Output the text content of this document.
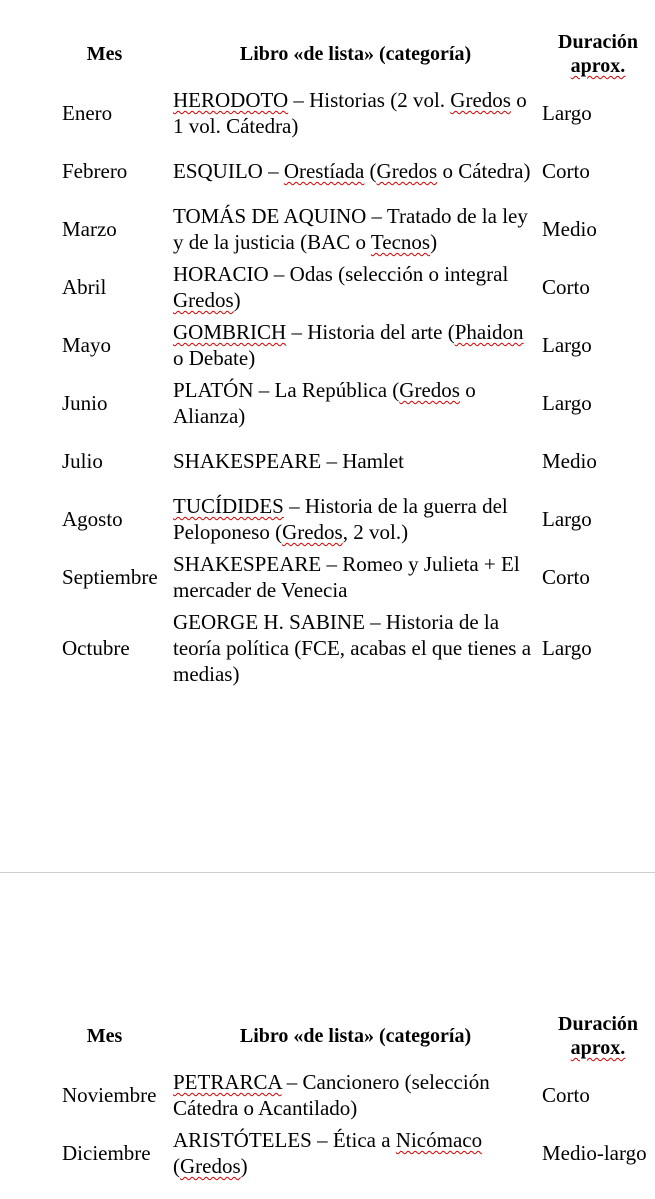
Mes	Libro «de lista» (categoría)	Duración
aprox.
Enero	HERODOTO – Historias (2 vol. Gredos o 1 vol. Cátedra)	Largo
Febrero	ESQUILO – Orestíada (Gredos o Cátedra)	Corto
Marzo	TOMÁS DE AQUINO – Tratado de la ley y de la justicia (BAC o Tecnos)	Medio
Abril	HORACIO – Odas (selección o integral Gredos)	Corto
Mayo	GOMBRICH – Historia del arte (Phaidon o Debate)	Largo
Junio	PLATÓN – La República (Gredos o Alianza)	Largo
Julio	SHAKESPEARE – Hamlet	Medio
Agosto	TUCÍDIDES – Historia de la guerra del Peloponeso (Gredos, 2 vol.)	Largo
Septiembre	SHAKESPEARE – Romeo y Julieta + El mercader de Venecia	Corto
Octubre	GEORGE H. SABINE – Historia de la teoría política (FCE, acabas el que tienes a medias)	Largo
Mes	Libro «de lista» (categoría)	Duración
aprox.
Noviembre	PETRARCA – Cancionero (selección Cátedra o Acantilado)	Corto
Diciembre	ARISTÓTELES – Ética a Nicómaco (Gredos)	Medio-largo
